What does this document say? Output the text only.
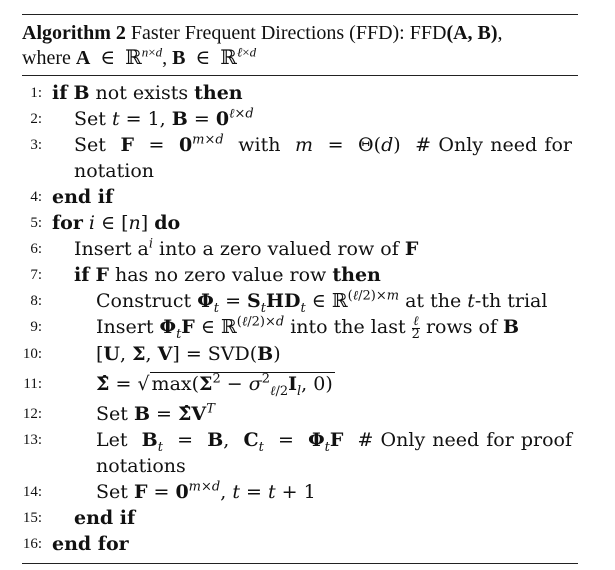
Algorithm 2 Faster Frequent Directions (FFD): FFD(A, B),
where A  ∈  ℝ$^{n\times d}$, B  ∈  ℝ$^{\ell\times d}$
1: if B not exists then
2:	Set t = 1, $B = 0^{\ell\times d}$
3:	Set  $F = 0^{m\times d}$  with  m  =  Θ(d)  # Only need for notation
4: end if
5: for i ∈ [n] do
6:	Insert $a^i$ into a zero valued row of F
7:	if F has no zero value row then
8:	Construct $\Phi_t = S_tHD_t$ ∈ ℝ$^{(\ell/2)\times m}$ at the t-th trial
9:	Insert $\Phi_tF$ ∈ ℝ$^{(\ell/2)\times d}$ into the last $\frac{\text{ℓ}}{2}$ rows of B
10:	[U, Σ, V] = SVD(B)
11:	Σ̂ = √ $\max(\Sigma^2 - \sigma^2_{\ell/2}I_l$, 0)
12:	Set $B = \SigmâV^T$
13:	Let  $B_t = B$,  $C_t = \Phi_tF$  # Only need for proof notations
14:	Set $F = 0^{m\times d}$, t = t + 1
15:	end if
16: end for
